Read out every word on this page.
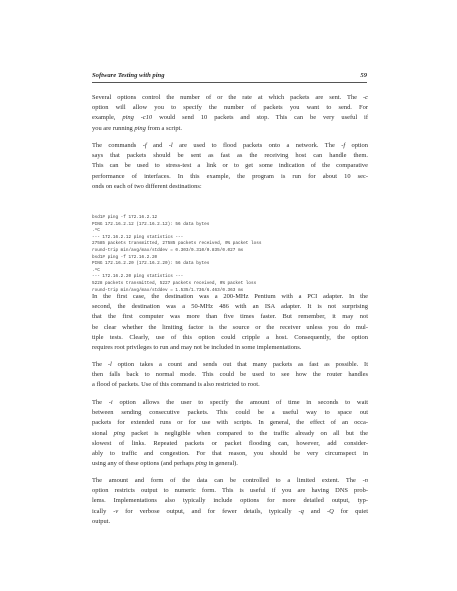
Software Testing with ping	59
Several options control the number of or the rate at which packets are sent. The -c
option will allow you to specify the number of packets you want to send. For
example, ping -c10 would send 10 packets and stop. This can be very useful if
you are running ping from a script.
The commands -f and -l are used to flood packets onto a network. The -f option
says that packets should be sent as fast as the receiving host can handle them.
This can be used to stress-test a link or to get some indication of the comparative
performance of interfaces. In this example, the program is run for about 10 sec-
onds on each of two different destinations:
bsd1# ping -f 172.16.2.12
PING 172.16.2.12 (172.16.2.12): 56 data bytes
.^C
--- 172.16.2.12 ping statistics ---
27585 packets transmitted, 27585 packets received, 0% packet loss
round-trip min/avg/max/stddev = 0.303/0.310/0.835/0.027 ms
bsd1# ping -f 172.16.2.20
PING 172.16.2.20 (172.16.2.20): 56 data bytes
.^C
--- 172.16.2.20 ping statistics ---
5228 packets transmitted, 5227 packets received, 0% packet loss
round-trip min/avg/max/stddev = 1.535/1.736/6.463/0.363 ms
In the first case, the destination was a 200-MHz Pentium with a PCI adapter. In the
second, the destination was a 50-MHz 486 with an ISA adapter. It is not surprising
that the first computer was more than five times faster. But remember, it may not
be clear whether the limiting factor is the source or the receiver unless you do mul-
tiple tests. Clearly, use of this option could cripple a host. Consequently, the option
requires root privileges to run and may not be included in some implementations.
The -l option takes a count and sends out that many packets as fast as possible. It
then falls back to normal mode. This could be used to see how the router handles
a flood of packets. Use of this command is also restricted to root.
The -i option allows the user to specify the amount of time in seconds to wait
between sending consecutive packets. This could be a useful way to space out
packets for extended runs or for use with scripts. In general, the effect of an occa-
sional ping packet is negligible when compared to the traffic already on all but the
slowest of links. Repeated packets or packet flooding can, however, add consider-
ably to traffic and congestion. For that reason, you should be very circumspect in
using any of these options (and perhaps ping in general).
The amount and form of the data can be controlled to a limited extent. The -n
option restricts output to numeric form. This is useful if you are having DNS prob-
lems. Implementations also typically include options for more detailed output, typ-
ically -v for verbose output, and for fewer details, typically -q and -Q for quiet
output.
